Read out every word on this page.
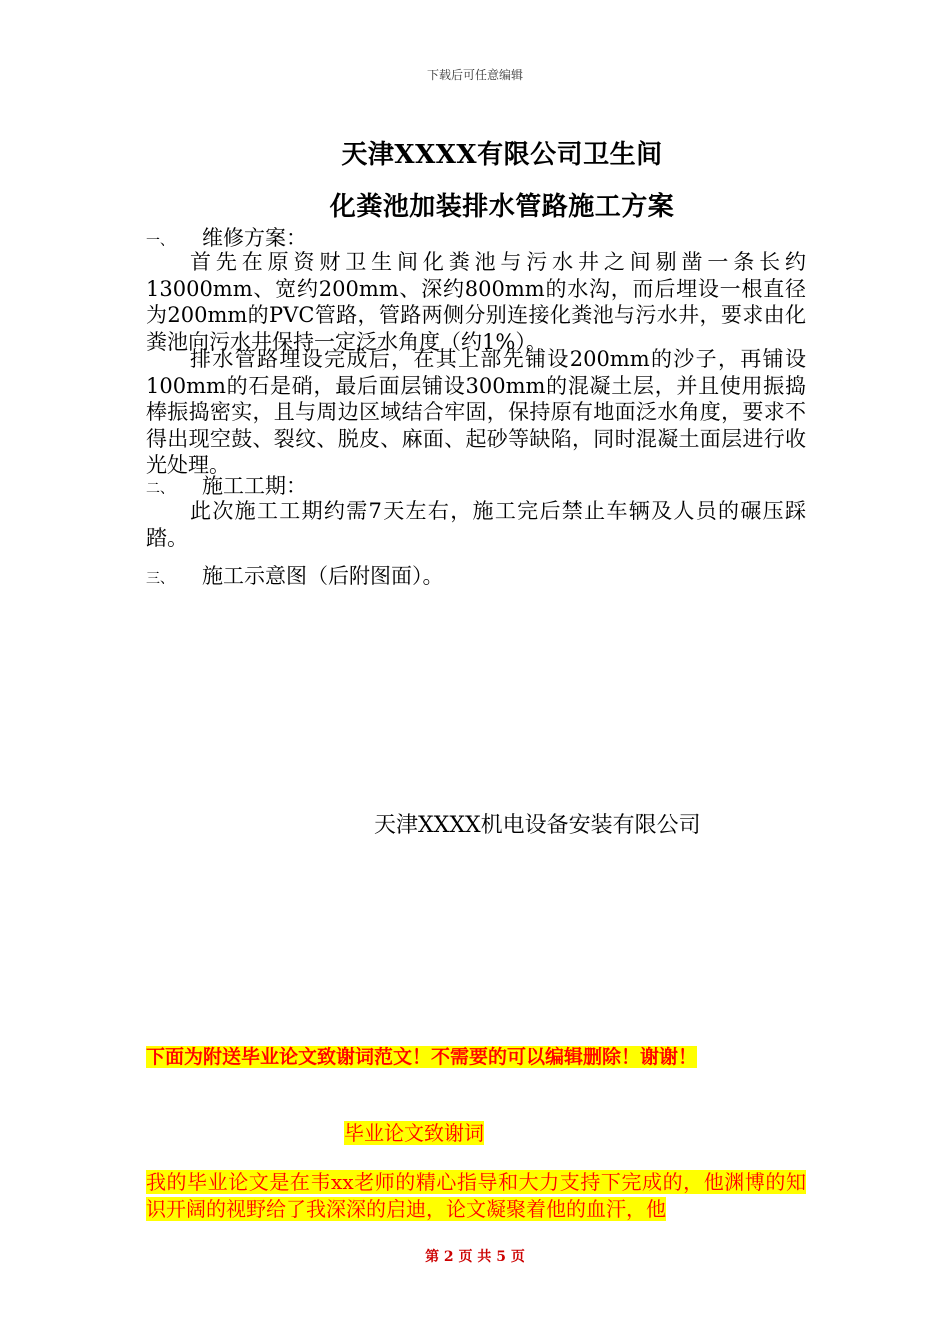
下载后可任意编辑
天津XXXX有限公司卫生间
化粪池加装排水管路施工方案
一、 维修方案：
首先在原资财卫生间化粪池与污水井之间剔凿一条长约13000mm、宽约200mm、深约800mm的水沟，而后埋设一根直径为200mm的PVC管路，管路两侧分别连接化粪池与污水井，要求由化粪池向污水井保持一定泛水角度（约1%）。
排水管路埋设完成后，在其上部先铺设200mm的沙子，再铺设100mm的石是硝，最后面层铺设300mm的混凝土层，并且使用振捣棒振捣密实，且与周边区域结合牢固，保持原有地面泛水角度，要求不得出现空鼓、裂纹、脱皮、麻面、起砂等缺陷，同时混凝土面层进行收光处理。
二、 施工工期：
此次施工工期约需7天左右，施工完后禁止车辆及人员的碾压踩踏。
三、 施工示意图（后附图面）。
天津XXXX机电设备安装有限公司
下面为附送毕业论文致谢词范文！不需要的可以编辑删除！谢谢！
毕业论文致谢词
我的毕业论文是在韦xx老师的精心指导和大力支持下完成的，他渊博的知识开阔的视野给了我深深的启迪，论文凝聚着他的血汗，他
第 2 页 共 5 页
